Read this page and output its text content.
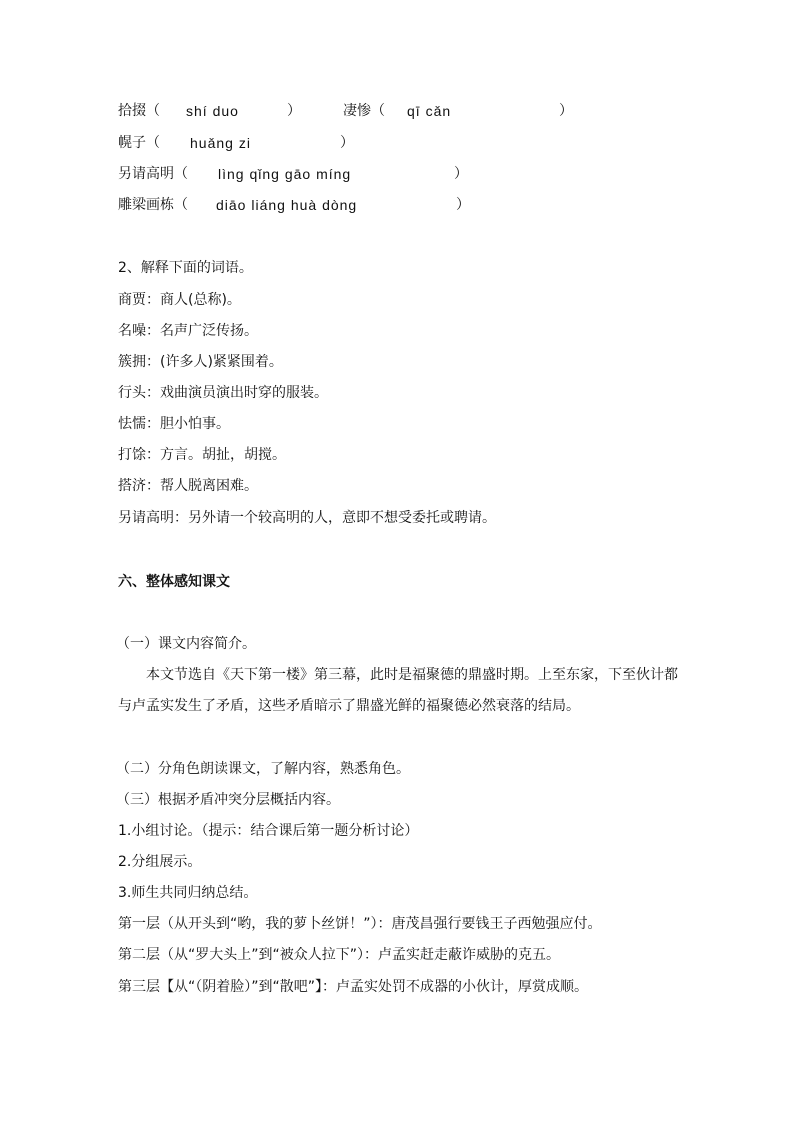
拾掇（ shí duo	）	凄惨 （ qī cǎn	）
幌子（ huǎng zi	）
另请高明（ lìng qǐng gāo míng	）
雕梁画栋（ diāo liáng huà dòng	）
2、解释下面的词语。
商贾：商人(总称)。
名噪：名声广泛传扬。
簇拥：(许多人)紧紧围着。
行头：戏曲演员演出时穿的服装。
怯懦：胆小怕事。
打馀：方言。胡扯，胡搅。
搭济：帮人脱离困难。
另请高明：另外请一个较高明的人，意即不想受委托或聘请。
六、整体感知课文
（一）课文内容简介。
本文节选自《天下第一楼》第三幕，此时是福聚德的鼎盛时期。上至东家，下至伙计都与卢孟实发生了矛盾，这些矛盾暗示了鼎盛光鲜的福聚德必然衰落的结局。
（二）分角色朗读课文，了解内容，熟悉角色。
（三）根据矛盾冲突分层概括内容。
1.小组讨论。（提示：结合课后第一题分析讨论）
2.分组展示。
3.师生共同归纳总结。
第一层（从开头到“哟，我的萝卜丝饼！”）：唐茂昌强行要钱王子西勉强应付。
第二层（从“罗大头上”到“被众人拉下”）：卢孟实赶走蔽诈威胁的克五。
第三层【从“（阴着脸）”到“散吧”】：卢孟实处罚不成器的小伙计，厚赏成顺。
